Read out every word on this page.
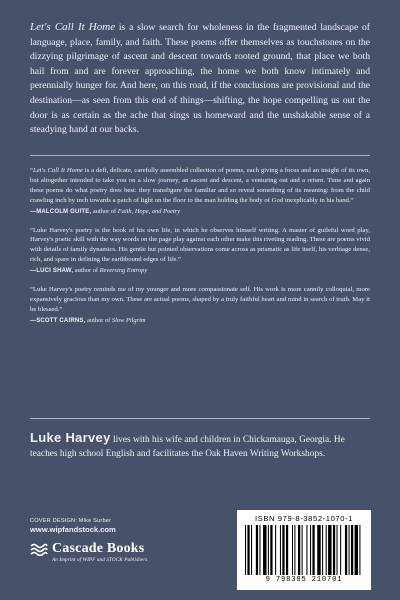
Let's Call It Home is a slow search for wholeness in the fragmented landscape of language, place, family, and faith. These poems offer themselves as touchstones on the dizzying pilgrimage of ascent and descent towards rooted ground, that place we both hail from and are forever approaching, the home we both know intimately and perennially hunger for. And here, on this road, if the conclusions are provisional and the destination—as seen from this end of things—shifting, the hope compelling us out the door is as certain as the ache that sings us homeward and the unshakable sense of a steadying hand at our backs.

“Let's Call It Home is a deft, delicate, carefully assembled collection of poems, each giving a focus and an insight of its own, but altogether intended to take you on a slow journey, an ascent and descent, a venturing out and a return. Time and again these poems do what poetry does best: they transfigure the familiar and so reveal something of its meaning: from the child crawling inch by inch towards a patch of light on the floor to the man holding the body of God inexplicably in his hand.”

—MALCOLM GUITE, author of Faith, Hope, and Poetry

“Luke Harvey's poetry is the book of his own life, in which he observes himself writing. A master of guileful word play, Harvey's poetic skill with the way words on the page play against each other make this riveting reading. These are poems vivid with details of family dynamics. His gentle but pointed observations come across as prismatic as life itself, his verbiage dense, rich, and spare in defining the earthbound edges of life.”

—LUCI SHAW, author of Reversing Entropy

“Luke Harvey's poetry reminds me of my younger and more compassionate self. His work is more cannily colloquial, more expansively gracious than my own. These are actual poems, shaped by a truly faithful heart and mind in search of truth. May it be blessed.”

—SCOTT CAIRNS, author of Slow Pilgrim

Luke Harvey lives with his wife and children in Chickamauga, Georgia. He teaches high school English and facilitates the Oak Haven Writing Workshops.

COVER DESIGN: Mike Surber
www.wipfandstock.com
Cascade Books
An Imprint of WIPF and STOCK Publishers
ISBN 979-8-3852-1070-1
9 798385 210701
